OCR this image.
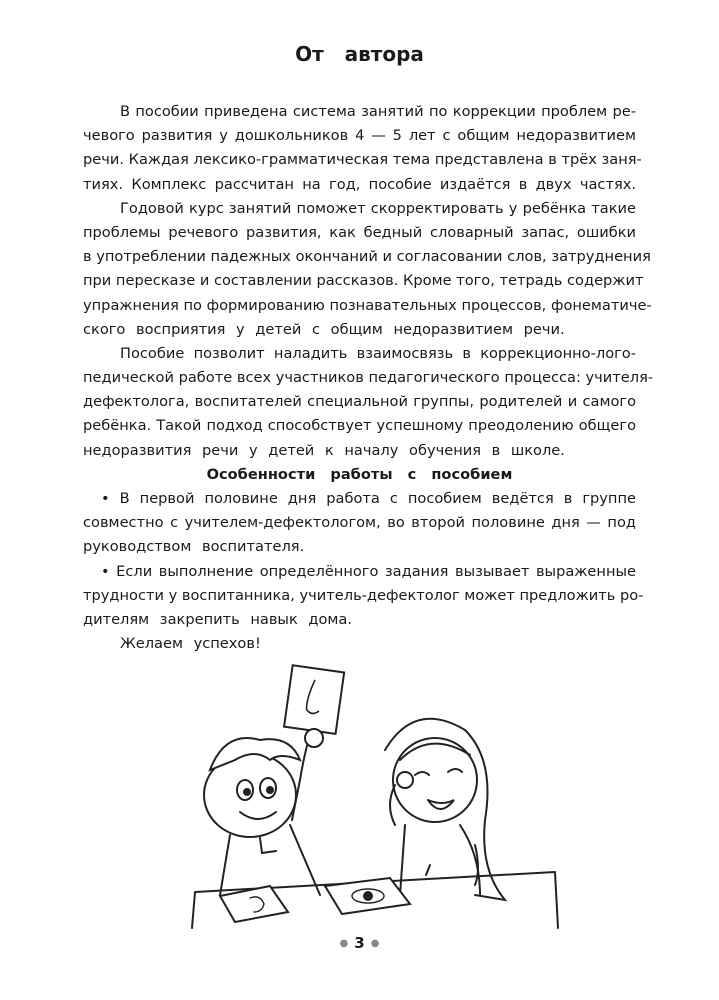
От автора
В пособии приведена система занятий по коррекции проблем ре-
чевого развития у дошкольников 4 — 5 лет с общим недоразвитием
речи. Каждая лексико-грамматическая тема представлена в трёх заня-
тиях. Комплекс рассчитан на год, пособие издаётся в двух частях.
Годовой курс занятий поможет скорректировать у ребёнка такие
проблемы речевого развития, как бедный словарный запас, ошибки
в употреблении падежных окончаний и согласовании слов, затруднения
при пересказе и составлении рассказов. Кроме того, тетрадь содержит
упражнения по формированию познавательных процессов, фонематиче-
ского восприятия у детей с общим недоразвитием речи.
Пособие позволит наладить взаимосвязь в коррекционно-лого-
педической работе всех участников педагогического процесса: учителя-
дефектолога, воспитателей специальной группы, родителей и самого
ребёнка. Такой подход способствует успешному преодолению общего
недоразвития речи у детей к началу обучения в школе.
Особенности работы с пособием
• В первой половине дня работа с пособием ведётся в группе
совместно с учителем-дефектологом, во второй половине дня — под
руководством воспитателя.
• Если выполнение определённого задания вызывает выраженные
трудности у воспитанника, учитель-дефектолог может предложить ро-
дителям закрепить навык дома.
Желаем успехов!
● 3 ●
